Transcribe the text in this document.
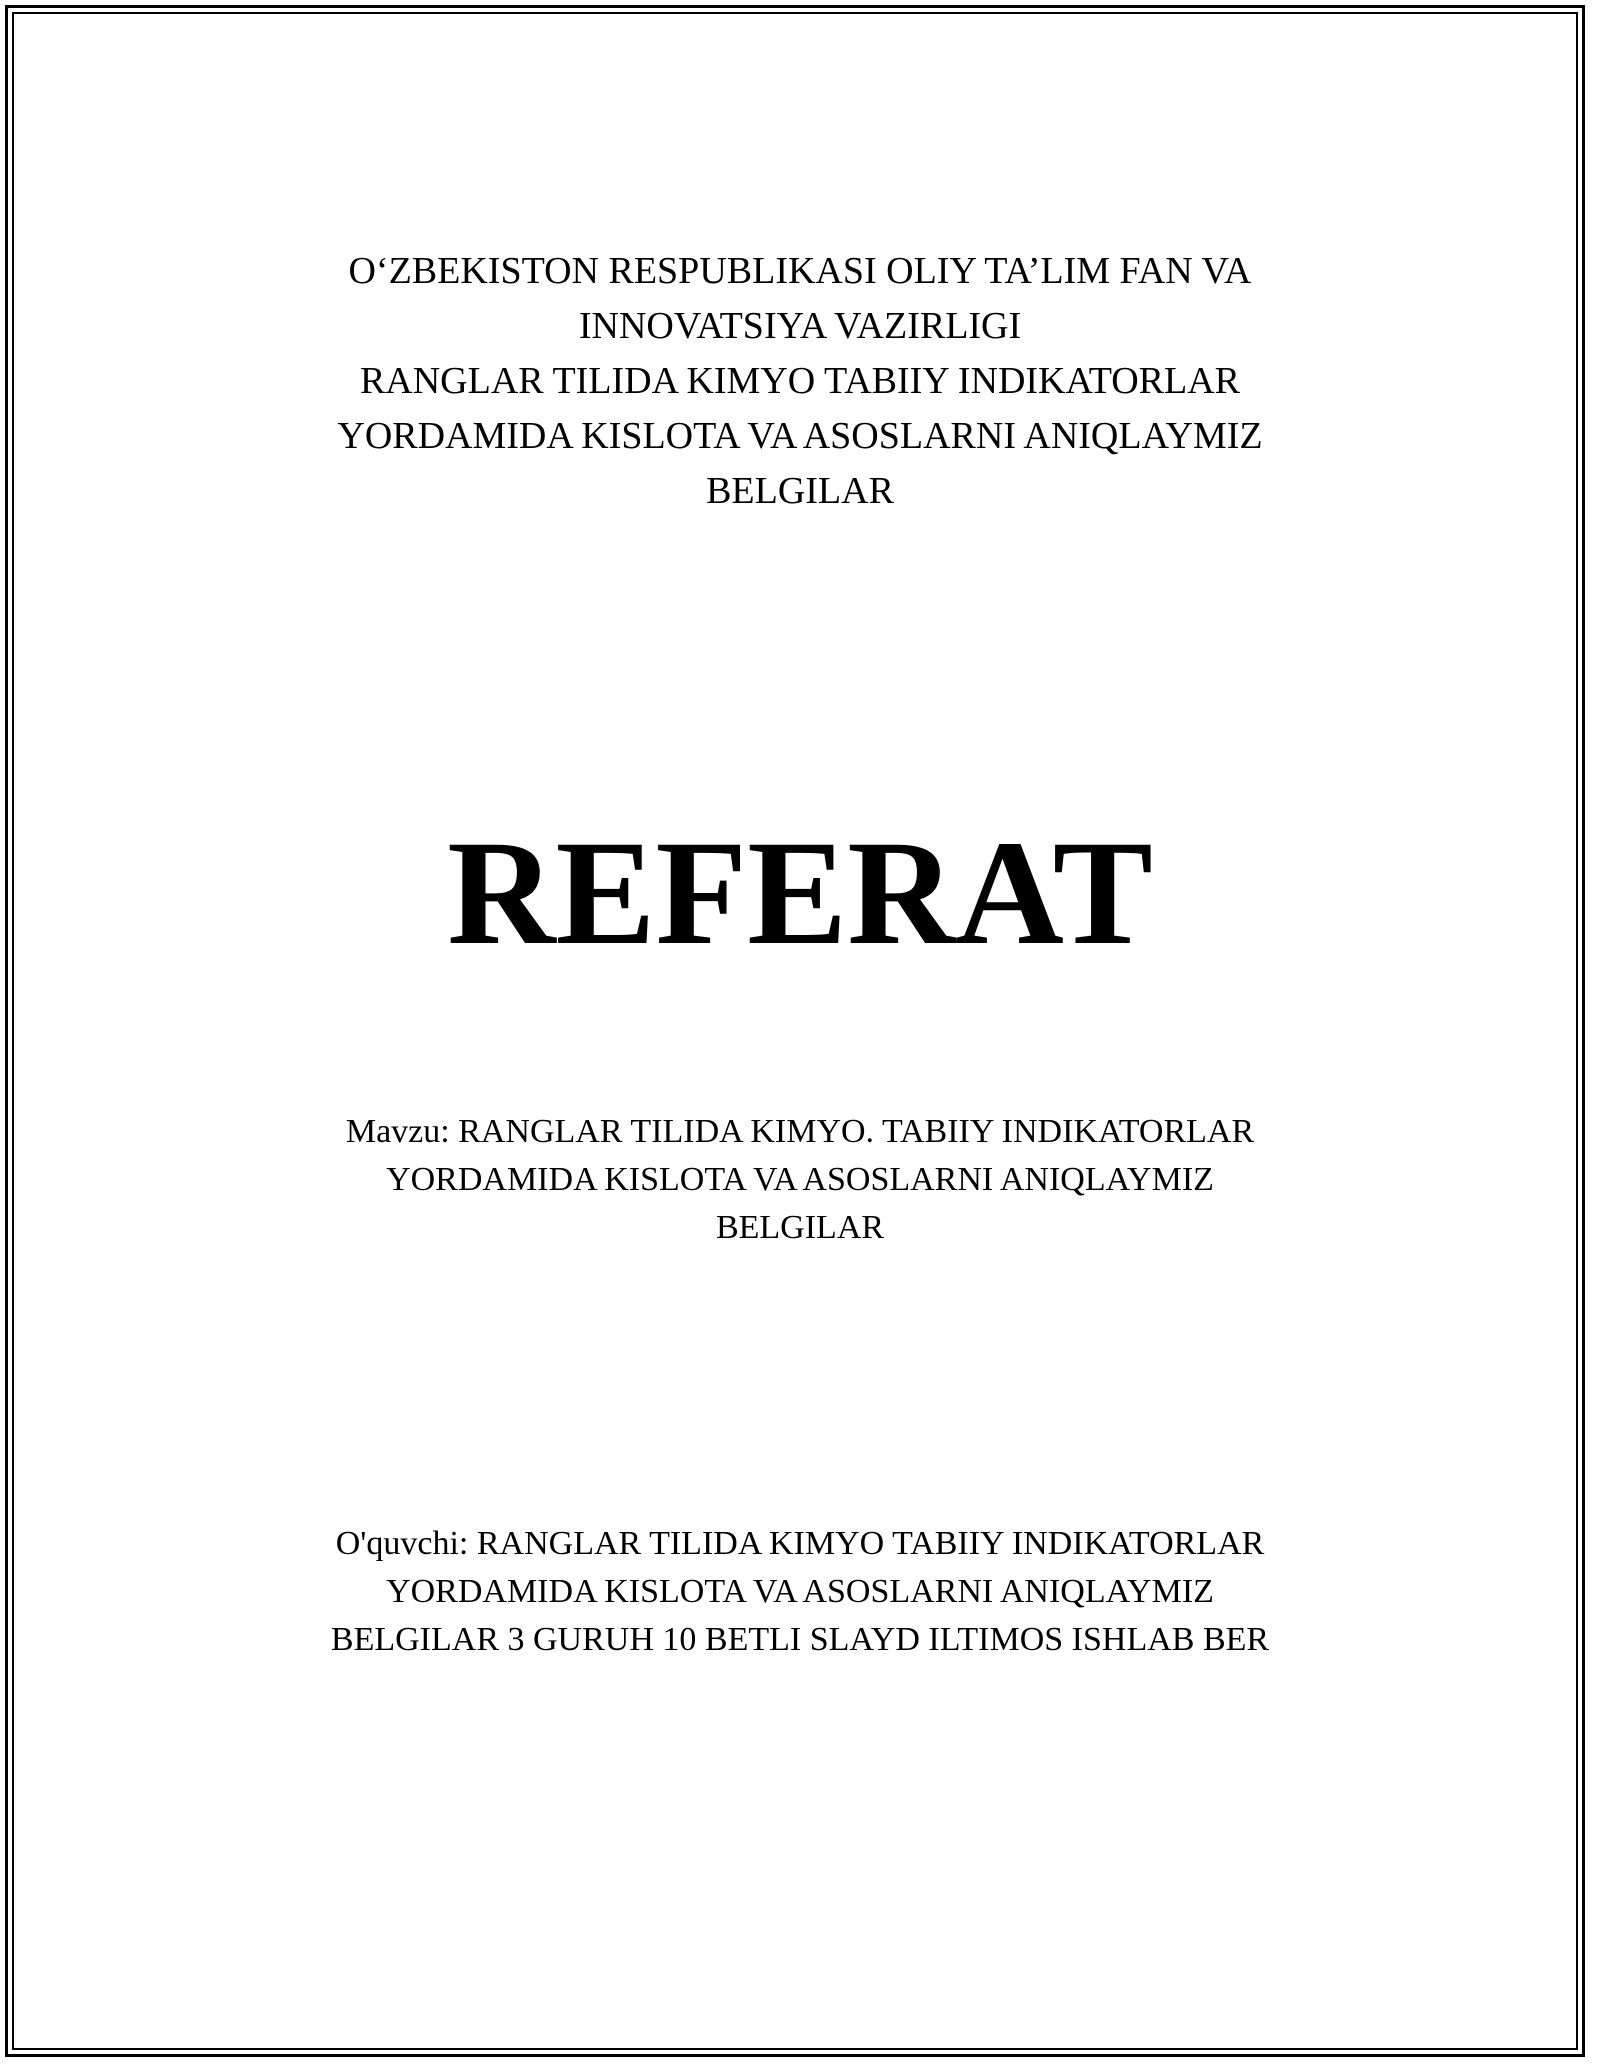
O‘ZBEKISTON RESPUBLIKASI OLIY TA’LIM FAN VA
INNOVATSIYA VAZIRLIGI
RANGLAR TILIDA KIMYO TABIIY INDIKATORLAR
YORDAMIDA KISLOTA VA ASOSLARNI ANIQLAYMIZ
BELGILAR
REFERAT
Mavzu: RANGLAR TILIDA KIMYO. TABIIY INDIKATORLAR
YORDAMIDA KISLOTA VA ASOSLARNI ANIQLAYMIZ
BELGILAR
O'quvchi: RANGLAR TILIDA KIMYO TABIIY INDIKATORLAR
YORDAMIDA KISLOTA VA ASOSLARNI ANIQLAYMIZ
BELGILAR 3 GURUH 10 BETLI SLAYD ILTIMOS ISHLAB BER
